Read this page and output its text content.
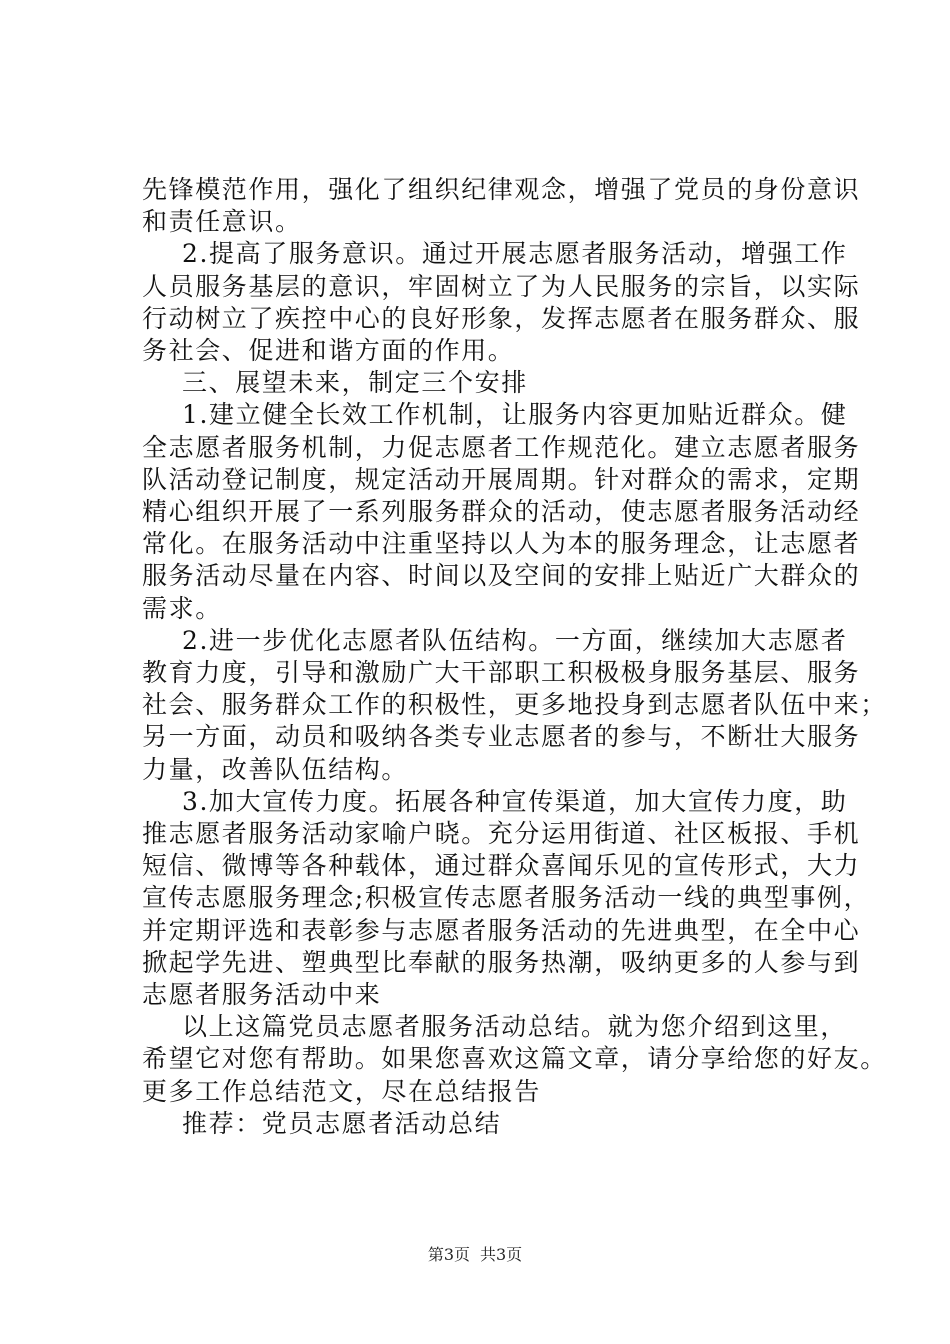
先锋模范作用，强化了组织纪律观念，增强了党员的身份意识
和责任意识。
2.提高了服务意识。通过开展志愿者服务活动，增强工作
人员服务基层的意识，牢固树立了为人民服务的宗旨，以实际
行动树立了疾控中心的良好形象，发挥志愿者在服务群众、服
务社会、促进和谐方面的作用。
三、展望未来，制定三个安排
1.建立健全长效工作机制，让服务内容更加贴近群众。健
全志愿者服务机制，力促志愿者工作规范化。建立志愿者服务
队活动登记制度，规定活动开展周期。针对群众的需求，定期
精心组织开展了一系列服务群众的活动，使志愿者服务活动经
常化。在服务活动中注重坚持以人为本的服务理念，让志愿者
服务活动尽量在内容、时间以及空间的安排上贴近广大群众的
需求。
2.进一步优化志愿者队伍结构。一方面，继续加大志愿者
教育力度，引导和激励广大干部职工积极极身服务基层、服务
社会、服务群众工作的积极性，更多地投身到志愿者队伍中来；
另一方面，动员和吸纳各类专业志愿者的参与，不断壮大服务
力量，改善队伍结构。
3.加大宣传力度。拓展各种宣传渠道，加大宣传力度，助
推志愿者服务活动家喻户晓。充分运用街道、社区板报、手机
短信、微博等各种载体，通过群众喜闻乐见的宣传形式，大力
宣传志愿服务理念;积极宣传志愿者服务活动一线的典型事例，
并定期评选和表彰参与志愿者服务活动的先进典型，在全中心
掀起学先进、塑典型比奉献的服务热潮，吸纳更多的人参与到
志愿者服务活动中来
以上这篇党员志愿者服务活动总结。就为您介绍到这里，
希望它对您有帮助。如果您喜欢这篇文章，请分享给您的好友。
更多工作总结范文，尽在总结报告
推荐：党员志愿者活动总结
第3页 共3页
